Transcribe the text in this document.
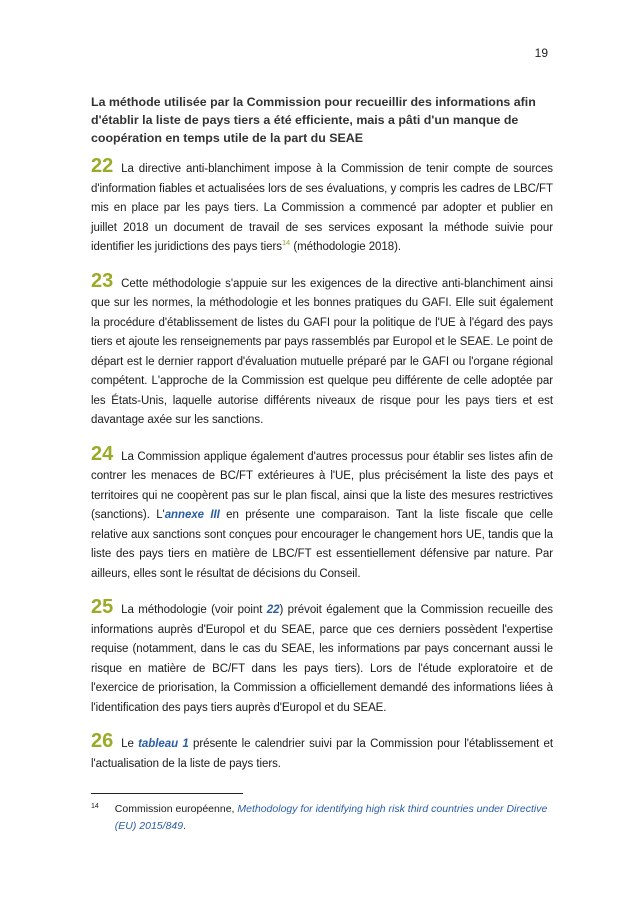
19

La méthode utilisée par la Commission pour recueillir des informations afin d'établir la liste de pays tiers a été efficiente, mais a pâti d'un manque de coopération en temps utile de la part du SEAE

22 La directive anti-blanchiment impose à la Commission de tenir compte de sources d'information fiables et actualisées lors de ses évaluations, y compris les cadres de LBC/FT mis en place par les pays tiers. La Commission a commencé par adopter et publier en juillet 2018 un document de travail de ses services exposant la méthode suivie pour identifier les juridictions des pays tiers$^{14}$ (méthodologie 2018).

23 Cette méthodologie s'appuie sur les exigences de la directive anti-blanchiment ainsi que sur les normes, la méthodologie et les bonnes pratiques du GAFI. Elle suit également la procédure d'établissement de listes du GAFI pour la politique de l'UE à l'égard des pays tiers et ajoute les renseignements par pays rassemblés par Europol et le SEAE. Le point de départ est le dernier rapport d'évaluation mutuelle préparé par le GAFI ou l'organe régional compétent. L'approche de la Commission est quelque peu différente de celle adoptée par les États-Unis, laquelle autorise différents niveaux de risque pour les pays tiers et est davantage axée sur les sanctions.

24 La Commission applique également d'autres processus pour établir ses listes afin de contrer les menaces de BC/FT extérieures à l'UE, plus précisément la liste des pays et territoires qui ne coopèrent pas sur le plan fiscal, ainsi que la liste des mesures restrictives (sanctions). L'annexe III en présente une comparaison. Tant la liste fiscale que celle relative aux sanctions sont conçues pour encourager le changement hors UE, tandis que la liste des pays tiers en matière de LBC/FT est essentiellement défensive par nature. Par ailleurs, elles sont le résultat de décisions du Conseil.

25 La méthodologie (voir point 22) prévoit également que la Commission recueille des informations auprès d'Europol et du SEAE, parce que ces derniers possèdent l'expertise requise (notamment, dans le cas du SEAE, les informations par pays concernant aussi le risque en matière de BC/FT dans les pays tiers). Lors de l'étude exploratoire et de l'exercice de priorisation, la Commission a officiellement demandé des informations liées à l'identification des pays tiers auprès d'Europol et du SEAE.

26 Le tableau 1 présente le calendrier suivi par la Commission pour l'établissement et l'actualisation de la liste de pays tiers.

$^{14}$ Commission européenne, Methodology for identifying high risk third countries under Directive (EU) 2015/849.
